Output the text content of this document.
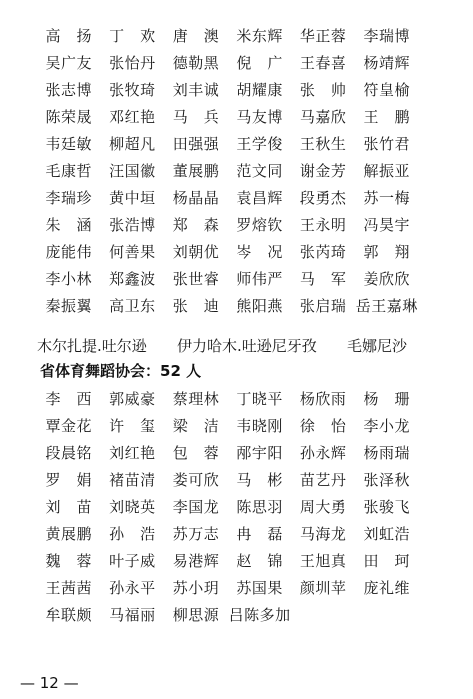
高　扬	丁　欢	唐　澳	米东辉	华正蓉	李瑞博
吴广友	张怡丹	德勒黑	倪　广	王春喜	杨靖辉
张志博	张牧琦	刘丰诚	胡耀康	张　帅	符皇榆
陈荣晟	邓红艳	马　兵	马友博	马嘉欣	王　鹏
韦廷敏	柳超凡	田强强	王学俊	王秋生	张竹君
毛康哲	汪国徽	董展鹏	范文同	谢金芳	解振亚
李瑞珍	黄中垣	杨晶晶	袁昌辉	段勇杰	苏一梅
朱　涵	张浩博	郑　森	罗熔钦	王永明	冯昊宇
庞能伟	何善果	刘朝优	岑　况	张芮琦	郭　翔
李小林	郑鑫波	张世睿	师伟严	马　军	姜欣欣
秦振翼	高卫东	张　迪	熊阳燕	张启瑞 岳王嘉琳
木尔扎提.吐尔逊 伊力哈木.吐逊尼牙孜 毛娜尼沙
省体育舞蹈协会：52 人
李　西	郭威豪	蔡理林	丁晓平	杨欣雨	杨　珊
覃金花	许　玺	梁　洁	韦晓刚	徐　怡	李小龙
段晨铭	刘红艳	包　蓉	邴宇阳	孙永辉	杨雨瑞
罗　娟	褚苗清	娄可欣	马　彬	苗艺丹	张泽秋
刘　苗	刘晓英	李国龙	陈思羽	周大勇	张骏飞
黄展鹏	孙　浩	苏万志	冉　磊	马海龙	刘虹浩
魏　蓉	叶子威	易港辉	赵　锦	王旭真	田　珂
王茜茜	孙永平	苏小玥	苏国果	颜圳苹	庞礼维
牟联颇	马福丽	柳思源 吕陈多加
— 12 —
